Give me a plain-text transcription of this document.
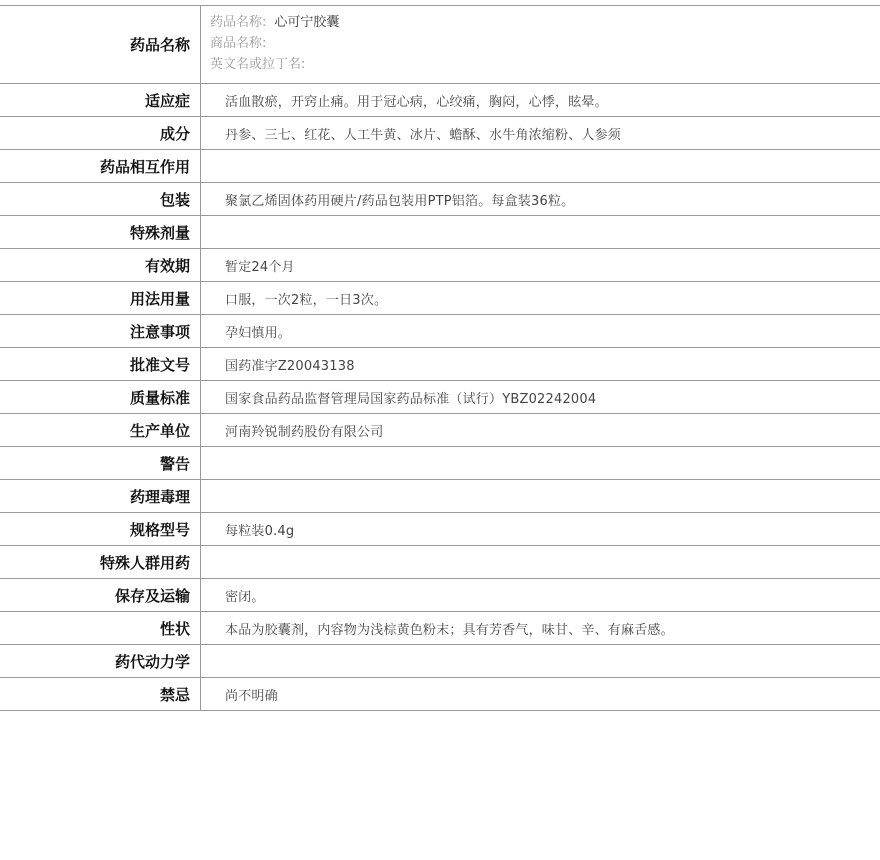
药品名称	药品名称: 心可宁胶囊
商品名称:
英文名或拉丁名:

适应症	活血散瘀，开窍止痛。用于冠心病，心绞痛，胸闷，心悸，眩晕。
成分	丹参、三七、红花、人工牛黄、冰片、蟾酥、水牛角浓缩粉、人参须
药品相互作用	
包装	聚氯乙烯固体药用硬片/药品包装用PTP铝箔。每盒装36粒。
特殊剂量	
有效期	暂定24个月
用法用量	口服，一次2粒，一日3次。
注意事项	孕妇慎用。
批准文号	国药准字Z20043138
质量标准	国家食品药品监督管理局国家药品标准（试行）YBZ02242004
生产单位	河南羚锐制药股份有限公司
警告	
药理毒理	
规格型号	每粒装0.4g
特殊人群用药	
保存及运输	密闭。
性状	本品为胶囊剂，内容物为浅棕黄色粉末；具有芳香气，味甘、辛、有麻舌感。
药代动力学	
禁忌	尚不明确
